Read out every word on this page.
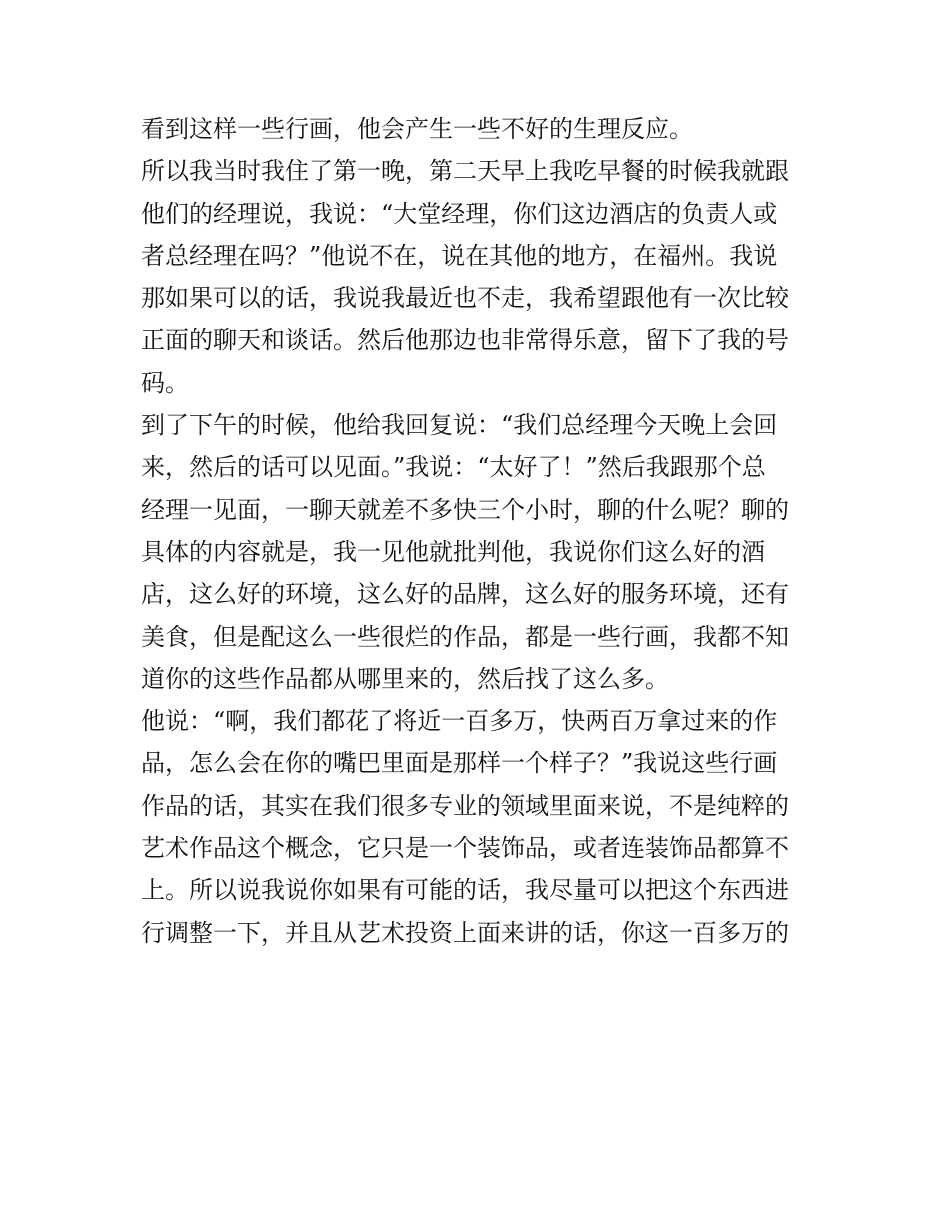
看到这样一些行画，他会产生一些不好的生理反应。
所以我当时我住了第一晚，第二天早上我吃早餐的时候我就跟
他们的经理说，我说：“大堂经理，你们这边酒店的负责人或
者总经理在吗？”他说不在，说在其他的地方，在福州。我说
那如果可以的话，我说我最近也不走，我希望跟他有一次比较
正面的聊天和谈话。然后他那边也非常得乐意，留下了我的号
码。
到了下午的时候，他给我回复说：“我们总经理今天晚上会回
来，然后的话可以见面。”我说：“太好了！”然后我跟那个总
经理一见面，一聊天就差不多快三个小时，聊的什么呢？聊的
具体的内容就是，我一见他就批判他，我说你们这么好的酒
店，这么好的环境，这么好的品牌，这么好的服务环境，还有
美食，但是配这么一些很烂的作品，都是一些行画，我都不知
道你的这些作品都从哪里来的，然后找了这么多。
他说：“啊，我们都花了将近一百多万，快两百万拿过来的作
品，怎么会在你的嘴巴里面是那样一个样子？”我说这些行画
作品的话，其实在我们很多专业的领域里面来说，不是纯粹的
艺术作品这个概念，它只是一个装饰品，或者连装饰品都算不
上。所以说我说你如果有可能的话，我尽量可以把这个东西进
行调整一下，并且从艺术投资上面来讲的话，你这一百多万的
